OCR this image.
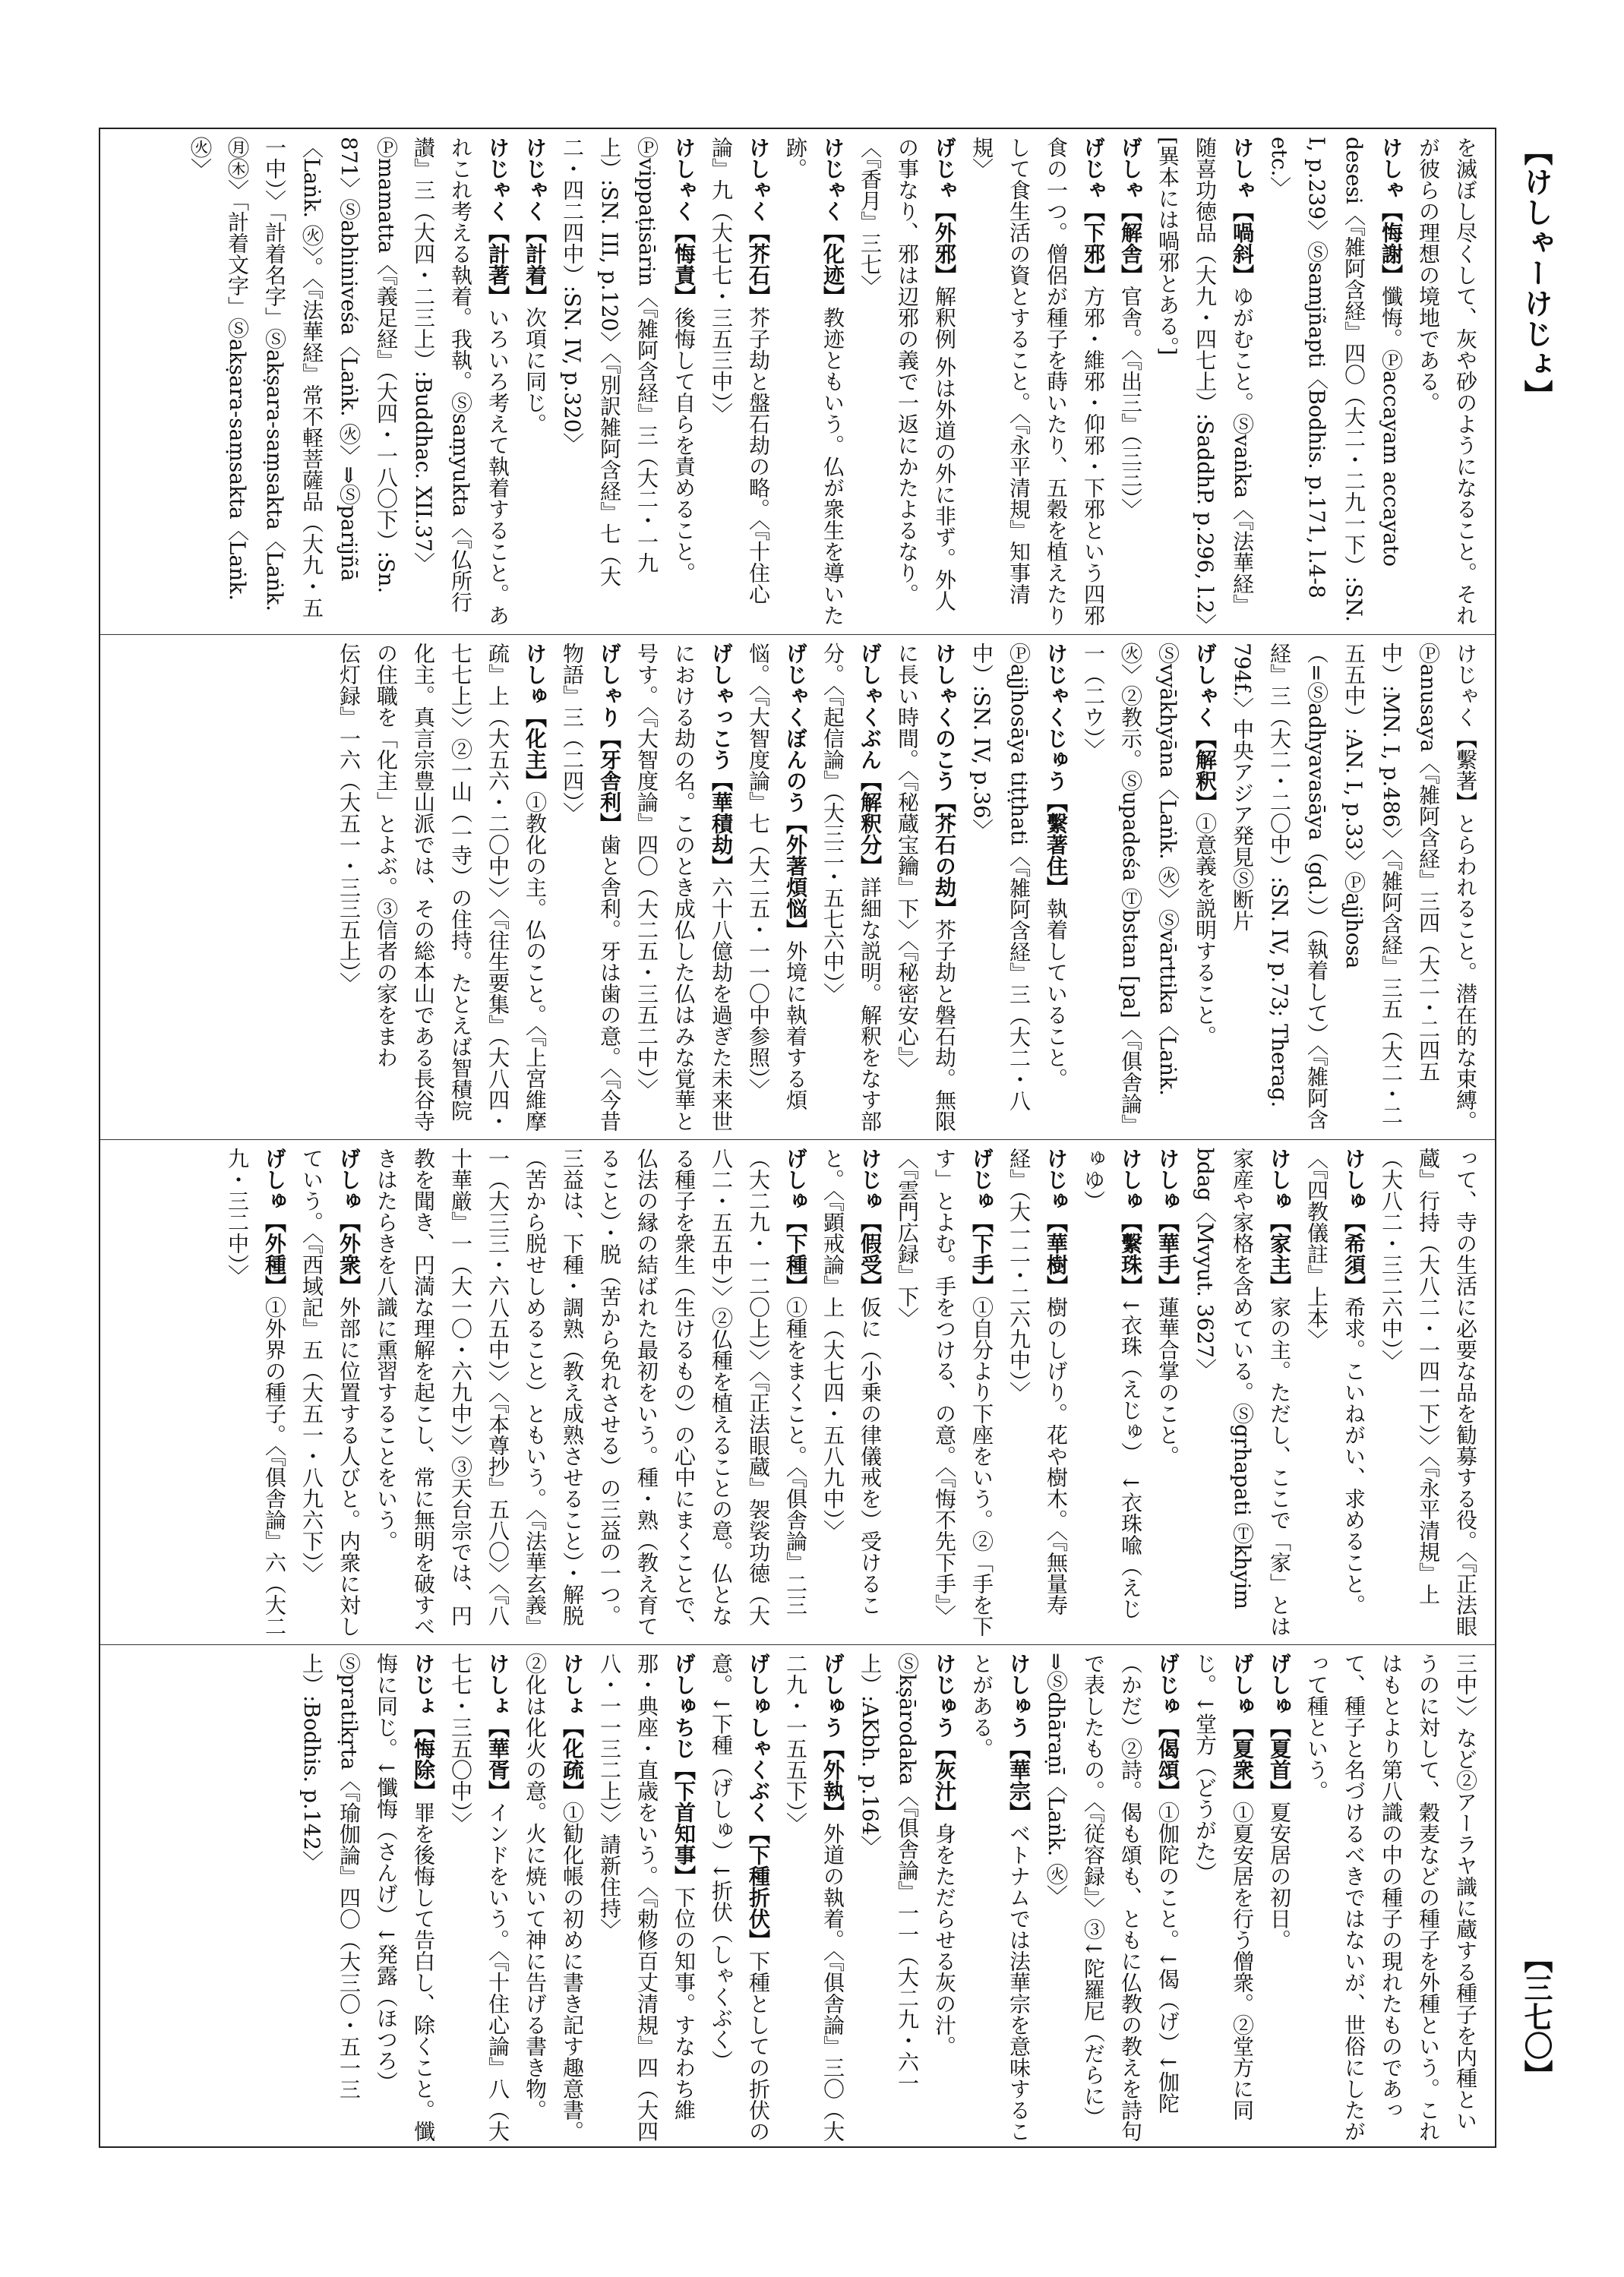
【けしゃーけじょ】
【三七〇】

を滅ぼし尽くして、灰や砂のようになること。それが彼らの理想の境地である。

けしゃ【悔謝】懺悔。Ⓟaccayam accayato desesi〈『雑阿含経』四〇（大二・二九一下）:SN. I, p.239〉Ⓢsamjñapti〈Bodhis. p.171, l.4-8 etc.〉

けしゃ【喎斜】ゆがむこと。Ⓢvaṅka〈『法華経』随喜功徳品（大九・四七上）:SaddhP. p.296, l.2〉[異本には喎邪とある。]

げしゃ【解舎】官舎。〈『出三』（三三）〉

げじゃ【下邪】方邪・維邪・仰邪・下邪という四邪食の一つ。僧侶が種子を蒔いたり、五穀を植えたりして食生活の資とすること。〈『永平清規』知事清規〉

げじゃ【外邪】解釈例 外は外道の外に非ず。外人の事なり、邪は辺邪の義で一返にかたよるなり。〈『香月』三七〉

けじゃく【化迹】教迹ともいう。仏が衆生を導いた跡。

けしゃく【芥石】芥子劫と盤石劫の略。〈『十住心論』九（大七七・三五三中）〉

けしゃく【悔責】後悔して自らを責めること。Ⓟvippaṭisārin〈『雑阿含経』三（大二・一九上）:SN. III, p.120〉〈『別訳雑阿含経』七（大二・四二四中）:SN. IV, p.320〉

けじゃく【計着】次項に同じ。

けじゃく【計著】いろいろ考えて執着すること。あれこれ考える執着。我執。Ⓢsaṃyukta〈『仏所行讃』三（大四・二三上）:Buddhac. XII.37〉Ⓟmamatta〈『義足経』（大四・一八〇下）:Sn. 871〉Ⓢabhiniveśa〈Laṅk. ㊋〉⇒Ⓢparijñā〈Laṅk. ㊋〉。〈『法華経』常不軽菩薩品（大九・五一中）〉「計着名字」Ⓢakṣara-saṃsakta〈Laṅk. ㊊㊍〉「計着文字」Ⓢakṣara-saṃsakta〈Laṅk. ㊋〉

けじゃく【繫著】とらわれること。潜在的な束縛。Ⓟanusaya〈『雑阿含経』三四（大二・二四五中）:MN. I, p.486〉〈『雑阿含経』三五（大二・二五五中）:AN. I, p.33〉Ⓟajjhosa（=Ⓢadhyavasāya（gd.））（執着して）〈『雑阿含経』三（大二・二〇中）:SN. IV, p.73; Therag. 794f.〉中央アジア発見Ⓢ断片

げしゃく【解釈】①意義を説明すること。Ⓢvyākhyāna〈Laṅk. ㊋〉Ⓢvārttika〈Laṅk. ㊋〉②教示。Ⓢupadeśa Ⓣbstan [pa]〈『俱舎論』一（二ウ）〉

けじゃくじゅう【繫著住】執着していること。Ⓟajjhosāya tiṭṭhati〈『雑阿含経』三（大二・八中）:SN. IV, p.36〉

けしゃくのこう【芥石の劫】芥子劫と磐石劫。無限に長い時間。〈『秘蔵宝鑰』下〉〈『秘密安心』〉

げしゃくぶん【解釈分】詳細な説明。解釈をなす部分。〈『起信論』（大三二・五七六中）〉

げじゃくぼんのう【外著煩悩】外境に執着する煩悩。〈『大智度論』七（大二五・一一〇中参照）〉

げしゃっこう【華積劫】六十八億劫を過ぎた未来世における劫の名。このとき成仏した仏はみな覚華と号す。〈『大智度論』四〇（大二五・三五二中）〉

げしゃり【牙舎利】歯と舎利。牙は歯の意。〈『今昔物語』三（二四）〉

けしゅ【化主】①教化の主。仏のこと。〈『上宮維摩疏』上（大五六・二〇中）〉〈『往生要集』（大八四・七七上）〉②一山（一寺）の住持。たとえば智積院化主。真言宗豊山派では、その総本山である長谷寺の住職を「化主」とよぶ。③信者の家をまわ

伝灯録』一六（大五一・三三五上）〉

って、寺の生活に必要な品を勧募する役。〈『正法眼蔵』行持（大八二・一四一下）〉〈『永平清規』上（大八二・三二六中）〉

けしゅ【希須】希求。こいねがい、求めること。〈『四教儀註』上本〉

けしゅ【家主】家の主。ただし、ここで「家」とは家産や家格を含めている。Ⓢgṛhapati Ⓣkhyim bdag〈Mvyut. 3627〉

けしゅ【華手】蓮華合掌のこと。

けしゅ【繫珠】↓衣珠（えじゅ）　↓衣珠喩（えじゅゆ）

けじゅ【華樹】樹のしげり。花や樹木。〈『無量寿経』（大一二・二六九中）〉

げじゅ【下手】①自分より下座をいう。②「手を下す」とよむ。手をつける、の意。〈『悔不先下手』〉〈『雲門広録』下〉

けじゅ【假受】仮に（小乗の律儀戒を）受けること。〈『顕戒論』上（大七四・五八九中）〉

げしゅ【下種】①種をまくこと。〈『俱舎論』二三（大二九・一二〇上）〉〈『正法眼蔵』袈裟功徳（大八二・五五中）〉②仏種を植えることの意。仏となる種子を衆生（生けるもの）の心中にまくことで、仏法の縁の結ばれた最初をいう。種・熟（教え育てること）・脱（苦から免れさせる）の三益の一つ。三益は、下種・調熟（教え成熟させること）・解脱（苦から脱せしめること）ともいう。〈『法華玄義』一（大三三・六八五中）〉〈『本尊抄』五八〇〉〈『八十華厳』一（大一〇・六九中）〉③天台宗では、円教を聞き、円満な理解を起こし、常に無明を破すべきはたらきを八識に熏習することをいう。

げしゅ【外衆】外部に位置する人びと。内衆に対していう。〈『西域記』五（大五一・八九六下）〉

げしゅ【外種】①外界の種子。〈『俱舎論』六（大二九・三二中）〉

三中）〉など②アーラヤ識に蔵する種子を内種というのに対して、穀麦などの種子を外種という。これはもとより第八識の中の種子の現れたものであって、種子と名づけるべきではないが、世俗にしたがって種という。

げしゅ【夏首】夏安居の初日。

げしゅ【夏衆】①夏安居を行う僧衆。②堂方に同じ。↓堂方（どうがた）

げじゅ【偈頌】①伽陀のこと。↓偈（げ）↓伽陀（かだ）②詩。偈も頌も、ともに仏教の教えを詩句で表したもの。〈『従容録』〉③↓陀羅尼（だらに）⇒Ⓢdhāraṇī〈Laṅk. ㊋〉

けしゅう【華宗】ベトナムでは法華宗を意味することがある。

けじゅう【灰汁】身をただらせる灰の汁。Ⓢkṣārodaka〈『俱舎論』一一（大二九・六一上）:AKbh. p.164〉

げしゅう【外執】外道の執着。〈『俱舎論』三〇（大二九・一五五下）〉

げしゅしゃくぶく【下種折伏】下種としての折伏の意。↓下種（げしゅ）↓折伏（しゃくぶく）

げしゅちじ【下首知事】下位の知事。すなわち維那・典座・直歳をいう。〈『勅修百丈清規』四（大四八・一一三二上）〉請新住持〉

けしょ【化疏】①勧化帳の初めに書き記す趣意書。②化は化火の意。火に焼いて神に告げる書き物。

けしょ【華胥】インドをいう。〈『十住心論』八（大七七・三五〇中）〉

けじょ【悔除】罪を後悔して告白し、除くこと。懺悔に同じ。↓懺悔（さんげ）↓発露（ほつろ）Ⓢpratikṛta〈『瑜伽論』四〇（大三〇・五一三上）:Bodhis. p.142〉
